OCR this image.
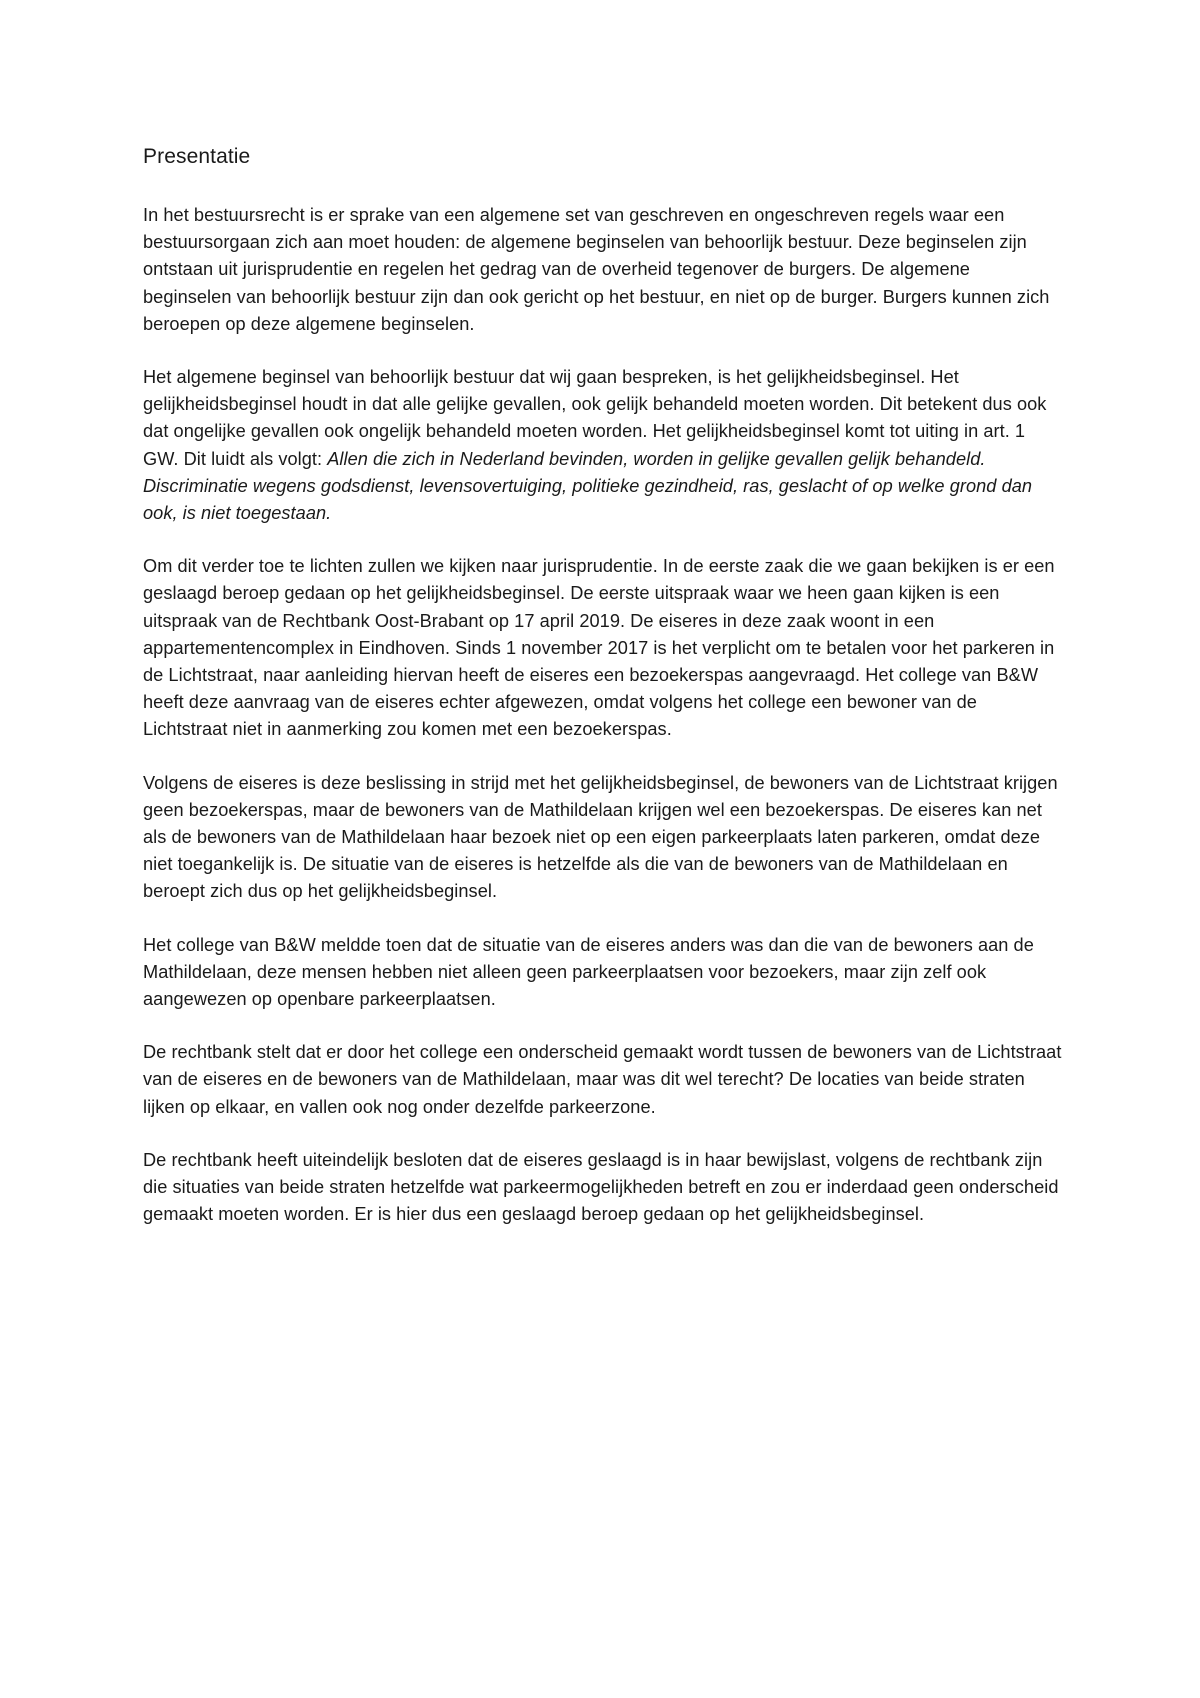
Presentatie

In het bestuursrecht is er sprake van een algemene set van geschreven en ongeschreven regels waar een bestuursorgaan zich aan moet houden: de algemene beginselen van behoorlijk bestuur. Deze beginselen zijn ontstaan uit jurisprudentie en regelen het gedrag van de overheid tegenover de burgers. De algemene beginselen van behoorlijk bestuur zijn dan ook gericht op het bestuur, en niet op de burger. Burgers kunnen zich beroepen op deze algemene beginselen.

Het algemene beginsel van behoorlijk bestuur dat wij gaan bespreken, is het gelijkheidsbeginsel. Het gelijkheidsbeginsel houdt in dat alle gelijke gevallen, ook gelijk behandeld moeten worden. Dit betekent dus ook dat ongelijke gevallen ook ongelijk behandeld moeten worden. Het gelijkheidsbeginsel komt tot uiting in art. 1 GW. Dit luidt als volgt: Allen die zich in Nederland bevinden, worden in gelijke gevallen gelijk behandeld. Discriminatie wegens godsdienst, levensovertuiging, politieke gezindheid, ras, geslacht of op welke grond dan ook, is niet toegestaan.

Om dit verder toe te lichten zullen we kijken naar jurisprudentie. In de eerste zaak die we gaan bekijken is er een geslaagd beroep gedaan op het gelijkheidsbeginsel. De eerste uitspraak waar we heen gaan kijken is een uitspraak van de Rechtbank Oost-Brabant op 17 april 2019. De eiseres in deze zaak woont in een appartementencomplex in Eindhoven. Sinds 1 november 2017 is het verplicht om te betalen voor het parkeren in de Lichtstraat, naar aanleiding hiervan heeft de eiseres een bezoekerspas aangevraagd. Het college van B&W heeft deze aanvraag van de eiseres echter afgewezen, omdat volgens het college een bewoner van de Lichtstraat niet in aanmerking zou komen met een bezoekerspas.

Volgens de eiseres is deze beslissing in strijd met het gelijkheidsbeginsel, de bewoners van de Lichtstraat krijgen geen bezoekerspas, maar de bewoners van de Mathildelaan krijgen wel een bezoekerspas. De eiseres kan net als de bewoners van de Mathildelaan haar bezoek niet op een eigen parkeerplaats laten parkeren, omdat deze niet toegankelijk is. De situatie van de eiseres is hetzelfde als die van de bewoners van de Mathildelaan en beroept zich dus op het gelijkheidsbeginsel.

Het college van B&W meldde toen dat de situatie van de eiseres anders was dan die van de bewoners aan de Mathildelaan, deze mensen hebben niet alleen geen parkeerplaatsen voor bezoekers, maar zijn zelf ook aangewezen op openbare parkeerplaatsen.

De rechtbank stelt dat er door het college een onderscheid gemaakt wordt tussen de bewoners van de Lichtstraat van de eiseres en de bewoners van de Mathildelaan, maar was dit wel terecht? De locaties van beide straten lijken op elkaar, en vallen ook nog onder dezelfde parkeerzone.

De rechtbank heeft uiteindelijk besloten dat de eiseres geslaagd is in haar bewijslast, volgens de rechtbank zijn die situaties van beide straten hetzelfde wat parkeermogelijkheden betreft en zou er inderdaad geen onderscheid gemaakt moeten worden. Er is hier dus een geslaagd beroep gedaan op het gelijkheidsbeginsel.
